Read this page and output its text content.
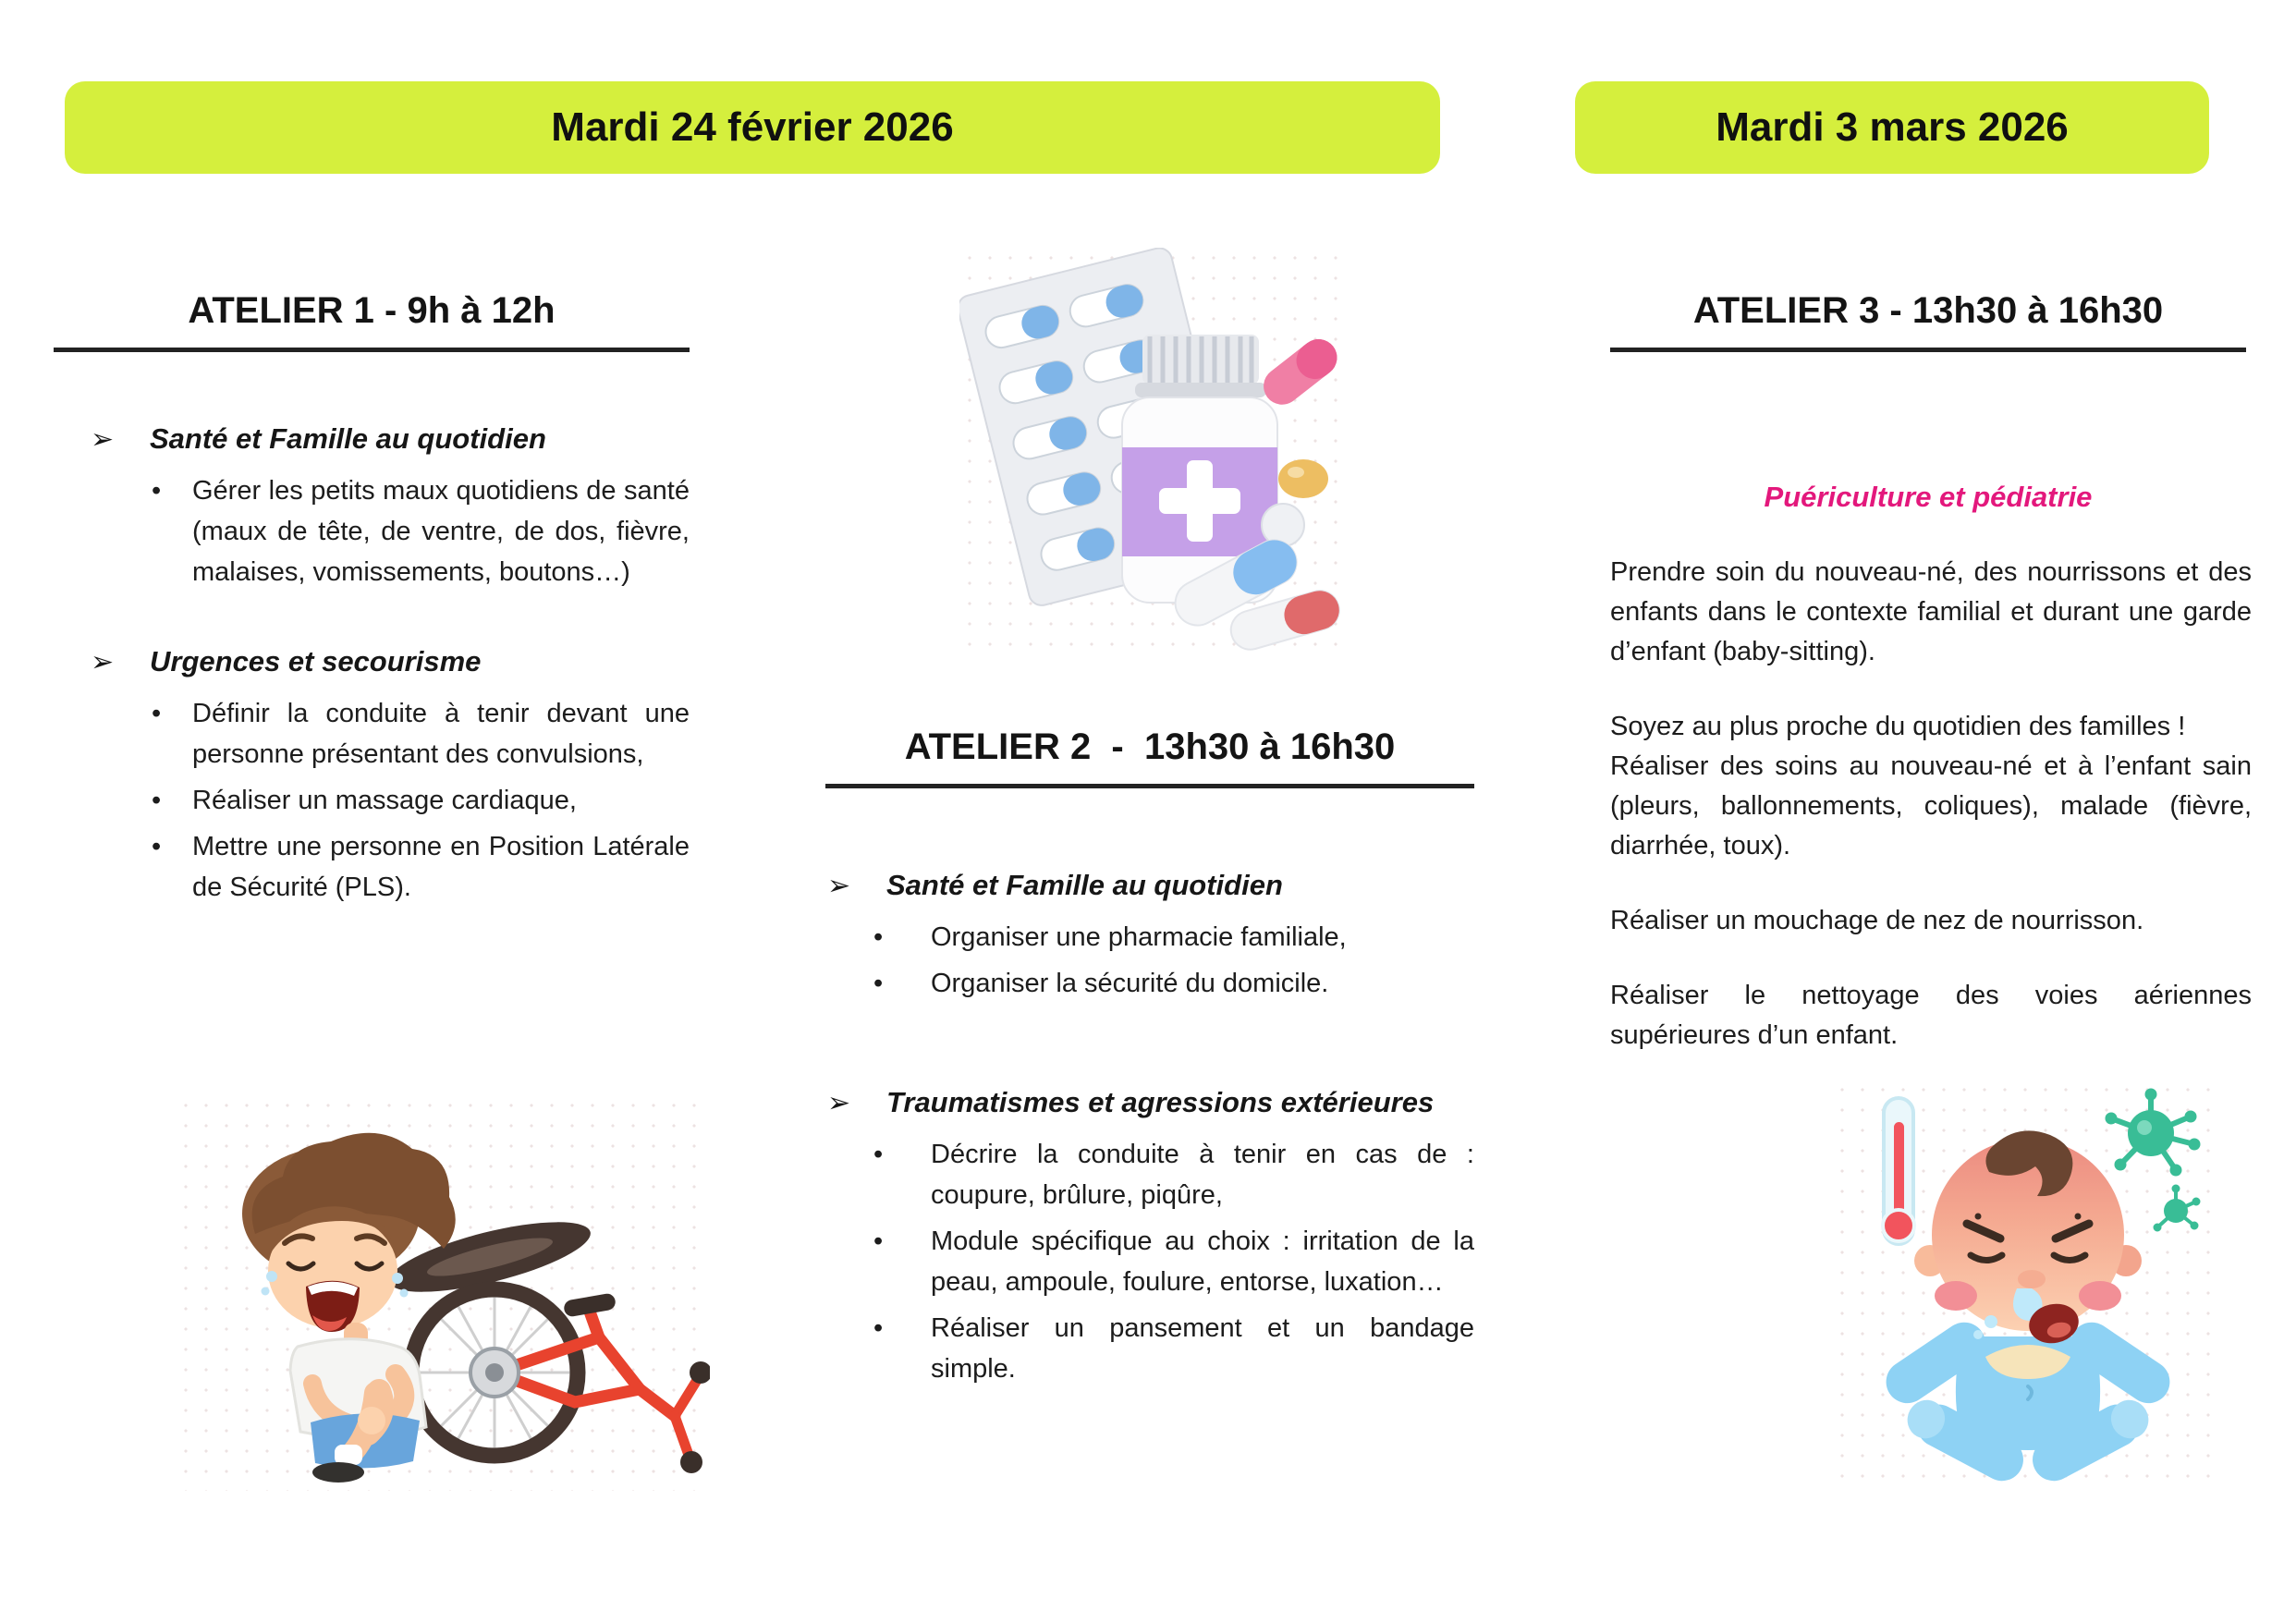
Mardi 24 février 2026	Mardi 3 mars 2026
ATELIER 1 - 9h à 12h
➢	Santé et Famille au quotidien
•	Gérer les petits maux quotidiens de santé (maux de tête, de ventre, de dos, fièvre, malaises, vomissements, boutons…)
➢	Urgences et secourisme
•	Définir la conduite à tenir devant une personne présentant des convulsions,
•	Réaliser un massage cardiaque,
•	Mettre une personne en Position Latérale de Sécurité (PLS).
ATELIER 2  -  13h30 à 16h30
➢	Santé et Famille au quotidien
•	Organiser une pharmacie familiale,
•	Organiser la sécurité du domicile.
➢	Traumatismes et agressions extérieures
•	Décrire la conduite à tenir en cas de : coupure, brûlure, piqûre,
•	Module spécifique au choix : irritation de la peau, ampoule, foulure, entorse, luxation…
•	Réaliser un pansement et un bandage simple.
ATELIER 3 - 13h30 à 16h30
Puériculture et pédiatrie

Prendre soin du nouveau-né, des nourrissons et des enfants dans le contexte familial et durant une garde d’enfant (baby-sitting).

Soyez au plus proche du quotidien des familles !

Réaliser des soins au nouveau-né et à l’enfant sain (pleurs, ballonnements, coliques), malade (fièvre, diarrhée, toux).

Réaliser un mouchage de nez de nourrisson.

Réaliser le nettoyage des voies aériennes supérieures d’un enfant.
